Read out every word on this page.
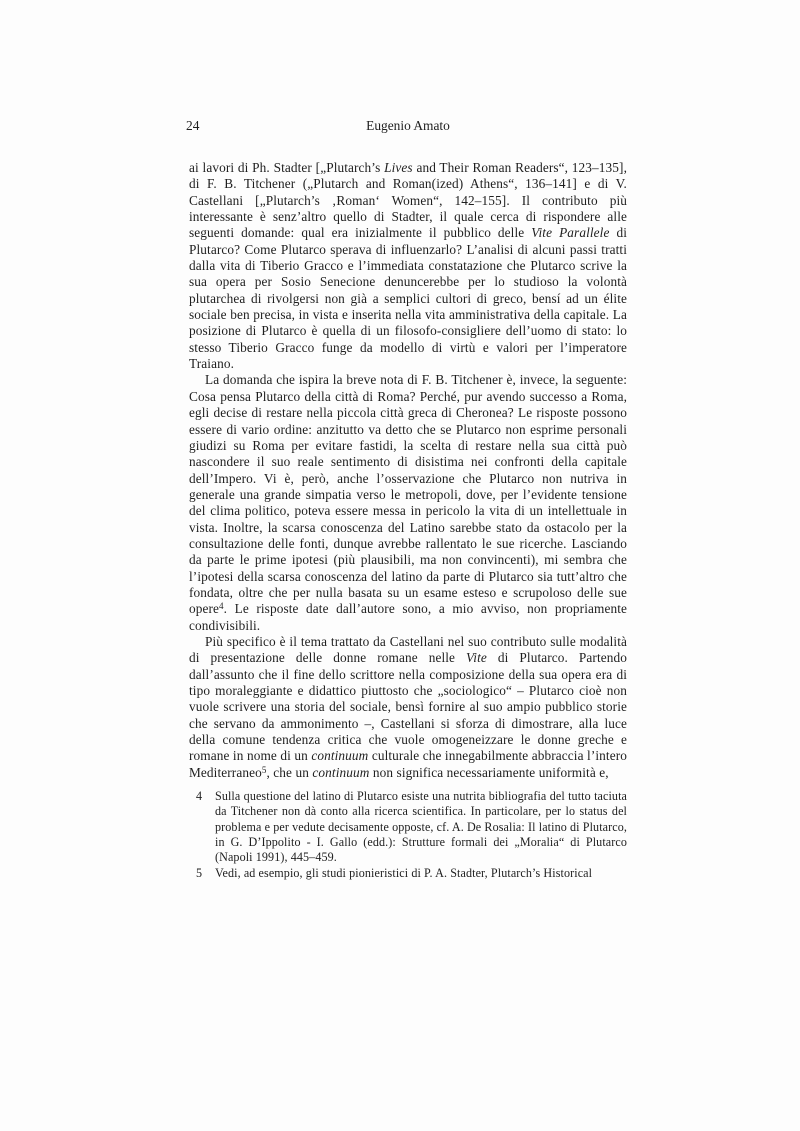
24	Eugenio Amato

ai lavori di Ph. Stadter [„Plutarch’s Lives and Their Roman Readers“, 123–135], di F. B. Titchener („Plutarch and Roman(ized) Athens“, 136–141] e di V. Castellani [„Plutarch’s ‚Roman‘ Women“, 142–155]. Il contributo più interessante è senz’altro quello di Stadter, il quale cerca di rispondere alle seguenti domande: qual era inizialmente il pubblico delle Vite Parallele di Plutarco? Come Plutarco sperava di influenzarlo? L’analisi di alcuni passi tratti dalla vita di Tiberio Gracco e l’immediata constatazione che Plutarco scrive la sua opera per Sosio Senecione denuncerebbe per lo studioso la volontà plutarchea di rivolgersi non già a semplici cultori di greco, bensí ad un élite sociale ben precisa, in vista e inserita nella vita amministrativa della capitale. La posizione di Plutarco è quella di un filosofo-consigliere dell’uomo di stato: lo stesso Tiberio Gracco funge da modello di virtù e valori per l’imperatore Traiano.

La domanda che ispira la breve nota di F. B. Titchener è, invece, la seguente: Cosa pensa Plutarco della città di Roma? Perché, pur avendo successo a Roma, egli decise di restare nella piccola città greca di Cheronea? Le risposte possono essere di vario ordine: anzitutto va detto che se Plutarco non esprime personali giudizi su Roma per evitare fastidi, la scelta di restare nella sua città può nascondere il suo reale sentimento di disistima nei confronti della capitale dell’Impero. Vi è, però, anche l’osservazione che Plutarco non nutriva in generale una grande simpatia verso le metropoli, dove, per l’evidente tensione del clima politico, poteva essere messa in pericolo la vita di un intellettuale in vista. Inoltre, la scarsa conoscenza del Latino sarebbe stato da ostacolo per la consultazione delle fonti, dunque avrebbe rallentato le sue ricerche. Lasciando da parte le prime ipotesi (più plausibili, ma non convincenti), mi sembra che l’ipotesi della scarsa conoscenza del latino da parte di Plutarco sia tutt’altro che fondata, oltre che per nulla basata su un esame esteso e scrupoloso delle sue opere$^4$. Le risposte date dall’autore sono, a mio avviso, non propriamente condivisibili.

Più specifico è il tema trattato da Castellani nel suo contributo sulle modalità di presentazione delle donne romane nelle Vite di Plutarco. Partendo dall’assunto che il fine dello scrittore nella composizione della sua opera era di tipo moraleggiante e didattico piuttosto che „sociologico“ – Plutarco cioè non vuole scrivere una storia del sociale, bensì fornire al suo ampio pubblico storie che servano da ammonimento –, Castellani si sforza di dimostrare, alla luce della comune tendenza critica che vuole omogeneizzare le donne greche e romane in nome di un continuum culturale che innegabilmente abbraccia l’intero Mediterraneo$^5$, che un continuum non significa necessariamente uniformità e,

4 Sulla questione del latino di Plutarco esiste una nutrita bibliografia del tutto taciuta da Titchener non dà conto alla ricerca scientifica. In particolare, per lo status del problema e per vedute decisamente opposte, cf. A. De Rosalia: Il latino di Plutarco, in G. D’Ippolito - I. Gallo (edd.): Strutture formali dei „Moralia“ di Plutarco (Napoli 1991), 445–459.
5 Vedi, ad esempio, gli studi pionieristici di P. A. Stadter, Plutarch’s Historical
